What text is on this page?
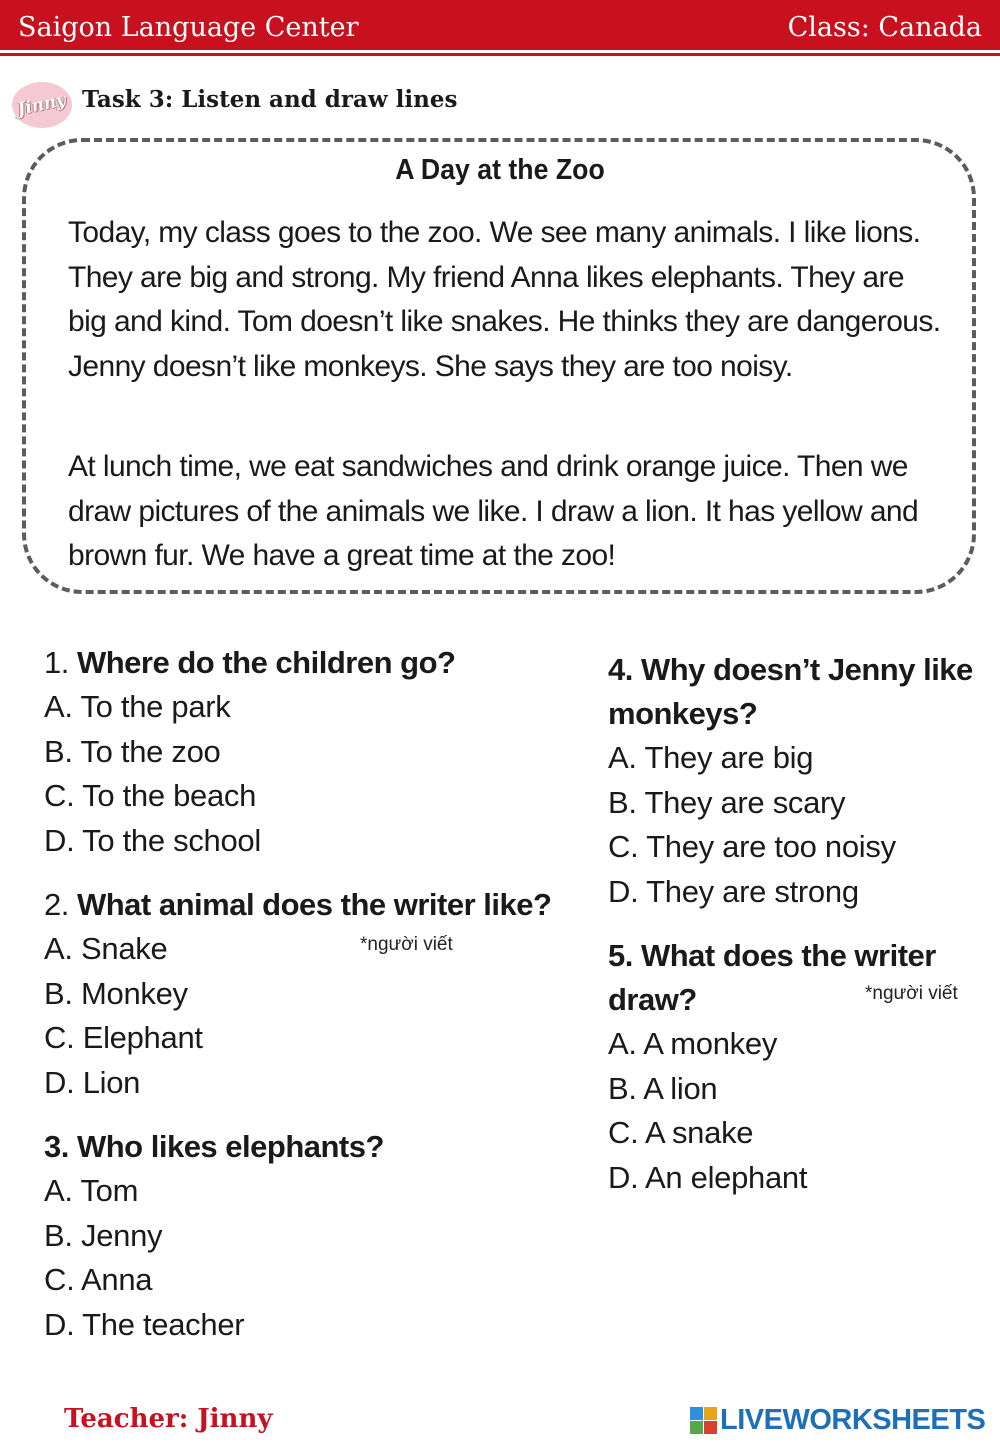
Saigon Language Center	Class: Canada
Jinny Task 3: Listen and draw lines
A Day at the Zoo

Today, my class goes to the zoo. We see many animals. I like lions. They are big and strong. My friend Anna likes elephants. They are big and kind. Tom doesn’t like snakes. He thinks they are dangerous. Jenny doesn’t like monkeys. She says they are too noisy.

At lunch time, we eat sandwiches and drink orange juice. Then we draw pictures of the animals we like. I draw a lion. It has yellow and brown fur. We have a great time at the zoo!

1. Where do the children go?
A. To the park
B. To the zoo
C. To the beach
D. To the school
2. What animal does the writer like?
A. Snake
B. Monkey
C. Elephant
D. Lion
3. Who likes elephants?
A. Tom
B. Jenny
C. Anna
D. The teacher
4. Why doesn’t Jenny like monkeys?
A. They are big
B. They are scary
C. They are too noisy
D. They are strong
5. What does the writer draw?
A. A monkey
B. A lion
C. A snake
D. An elephant
*người viết
*người viết
Teacher: Jinny	LIVEWORKSHEETS
